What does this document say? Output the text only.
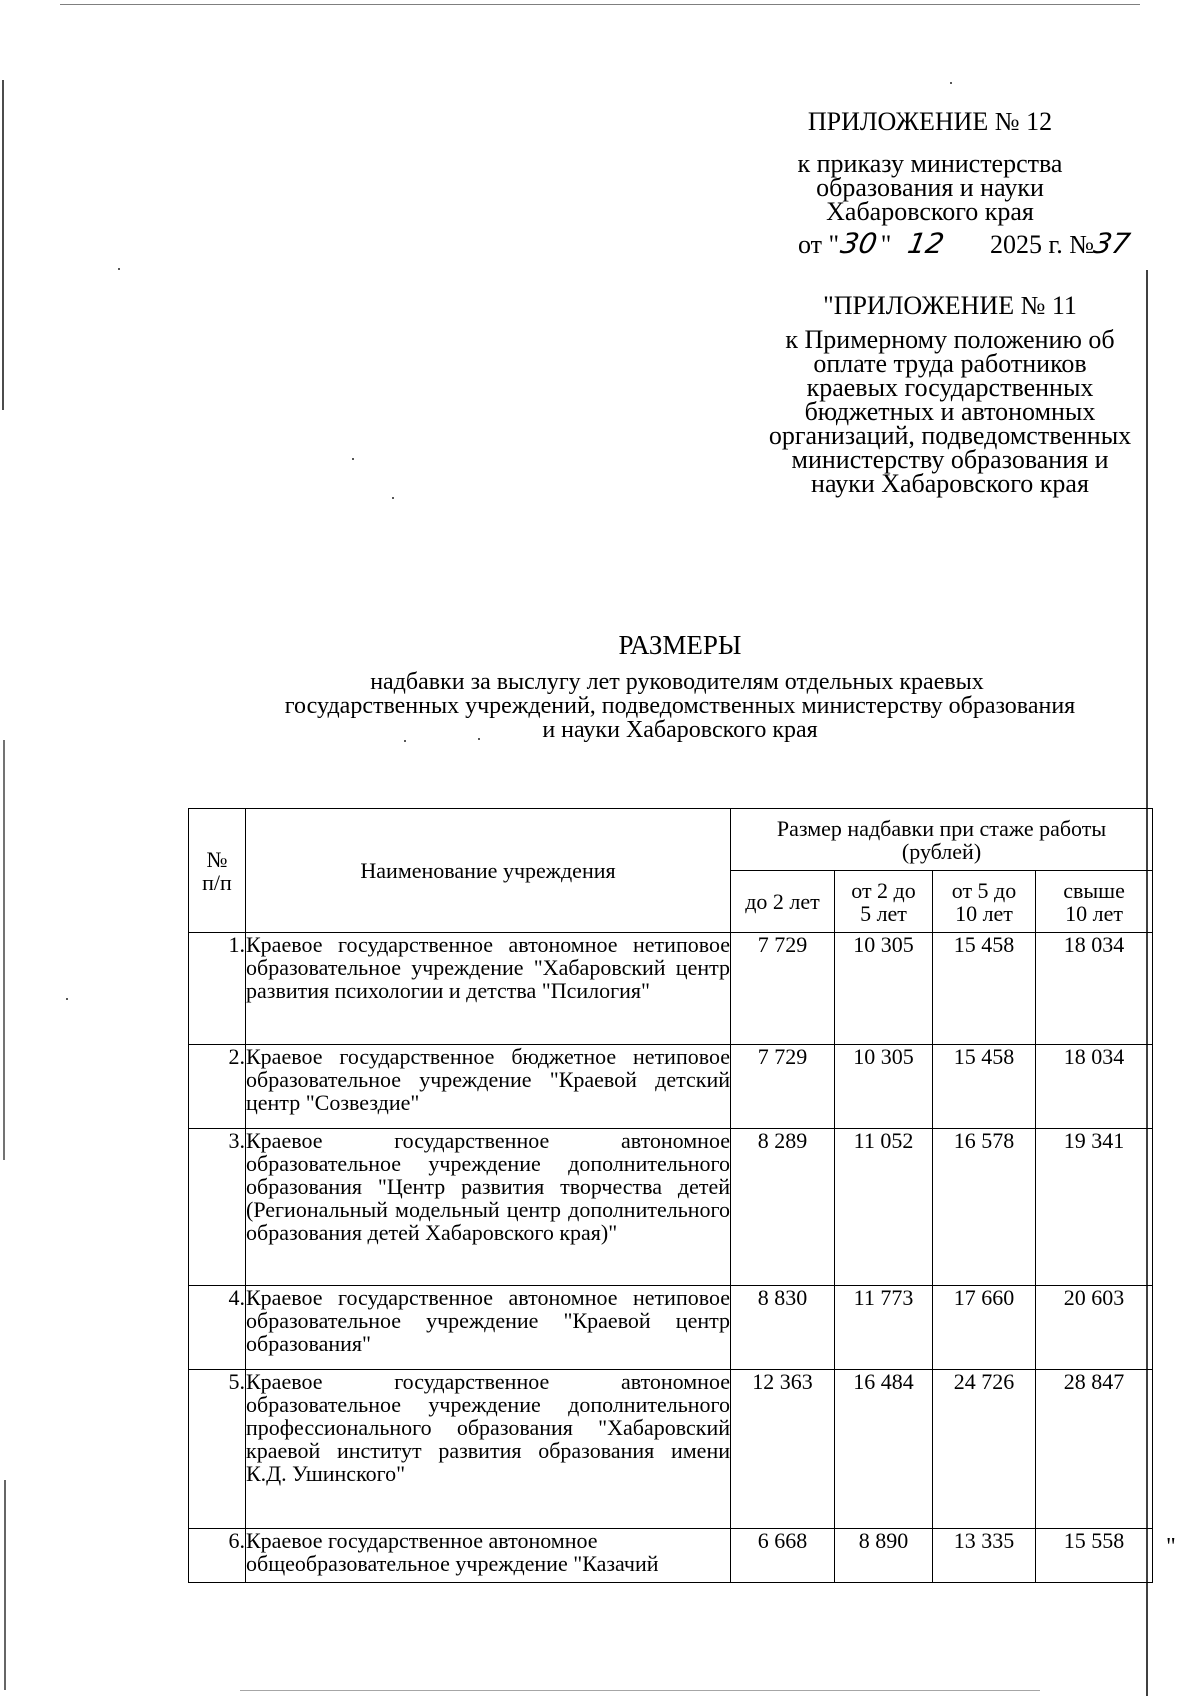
ПРИЛОЖЕНИЕ № 12
к приказу министерства
образования и науки
Хабаровского края
от "30" 12 2025 г. №37
"ПРИЛОЖЕНИЕ № 11
к Примерному положению об
оплате труда работников
краевых государственных
бюджетных и автономных
организаций, подведомственных
министерству образования и
науки Хабаровского края
РАЗМЕРЫ
надбавки за выслугу лет руководителям отдельных краевых
государственных учреждений, подведомственных министерству образования
и науки Хабаровского края
№ п/п	Наименование учреждения	Размер надбавки при стаже работы (рублей)			
		до 2 лет	от 2 до 5 лет	от 5 до 10 лет	свыше 10 лет
1.	Краевое государственное автономное нетиповое образовательное учреждение "Хабаровский центр развития психологии и детства "Псилогия"	7 729	10 305	15 458	18 034
2.	Краевое государственное бюджетное нетиповое образовательное учреждение "Краевой детский центр "Созвездие"	7 729	10 305	15 458	18 034
3.	Краевое государственное автономное образовательное учреждение дополнительного образования "Центр развития творчества детей (Региональный модельный центр дополнительного образования детей Хабаровского края)"	8 289	11 052	16 578	19 341
4.	Краевое государственное автономное нетиповое образовательное учреждение "Краевой центр образования"	8 830	11 773	17 660	20 603
5.	Краевое государственное автономное образовательное учреждение дополнительного профессионального образования "Хабаровский краевой институт развития образования имени К.Д. Ушинского"	12 363	16 484	24 726	28 847
6.	Краевое государственное автономное общеобразовательное учреждение "Казачий	6 668	8 890	13 335	15 558 "
